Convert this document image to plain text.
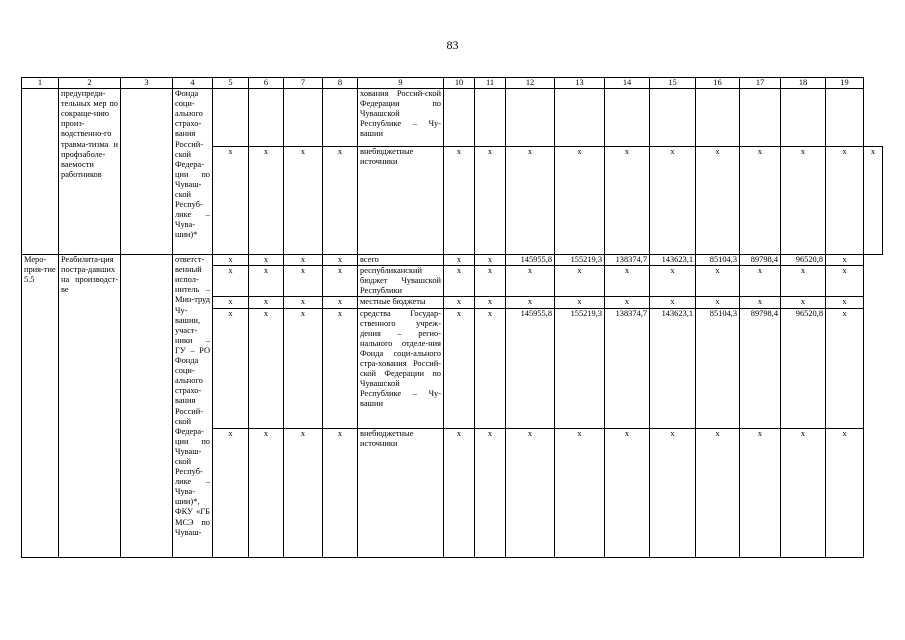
83
1	2	3	4	5	6	7	8	9	10	11	12	13	14	15	16	17	18	19	
	предупреди-тельных мер по сокраще-нию произ-водственно-го травма-тизма и профзаболе-ваемости работников		Фонда соци-ального страхо-вания Россий-ской Федера-ции по Чуваш-ской Респуб-лике – Чува-шии)*					хования Россий-ской Федерации по Чувашской Республике – Чу-вашии											
				x	x	x	x	внебюджетные источники	x	x	x	x	x	x	x	x	x	x	x
Меро-прия-тие 5.5	Реабилита-ция постра-давших на производст-ве		ответст-венный испол-нитель – Мин-труд Чу-вашии, участ-ники – ГУ – РО Фонда соци-ального страхо-вания Россий-ской Федера-ции по Чуваш-ской Респуб-лике – Чува-шии)*, ФКУ «ГБ МСЭ по Чуваш-	x	x	x	x	всего	x	x	145955,8	155219,3	138374,7	143623,1	85104,3	89798,4	96520,8	x	
				x	x	x	x	республиканский бюджет Чувашской Республики	x	x	x	x	x	x	x	x	x	x	
				x	x	x	x	местные бюджеты	x	x	x	x	x	x	x	x	x	x	
				x	x	x	x	средства Государ-ственного учреж-дения – регио-нального отделе-ния Фонда соци-ального стра-хования Россий-ской Федерации по Чувашской Республике – Чу-вашии	x	x	145955,8	155219,3	138374,7	143623,1	85104,3	89798,4	96520,8	x	
				x	x	x	x	внебюджетные источники	x	x	x	x	x	x	x	x	x	x	
